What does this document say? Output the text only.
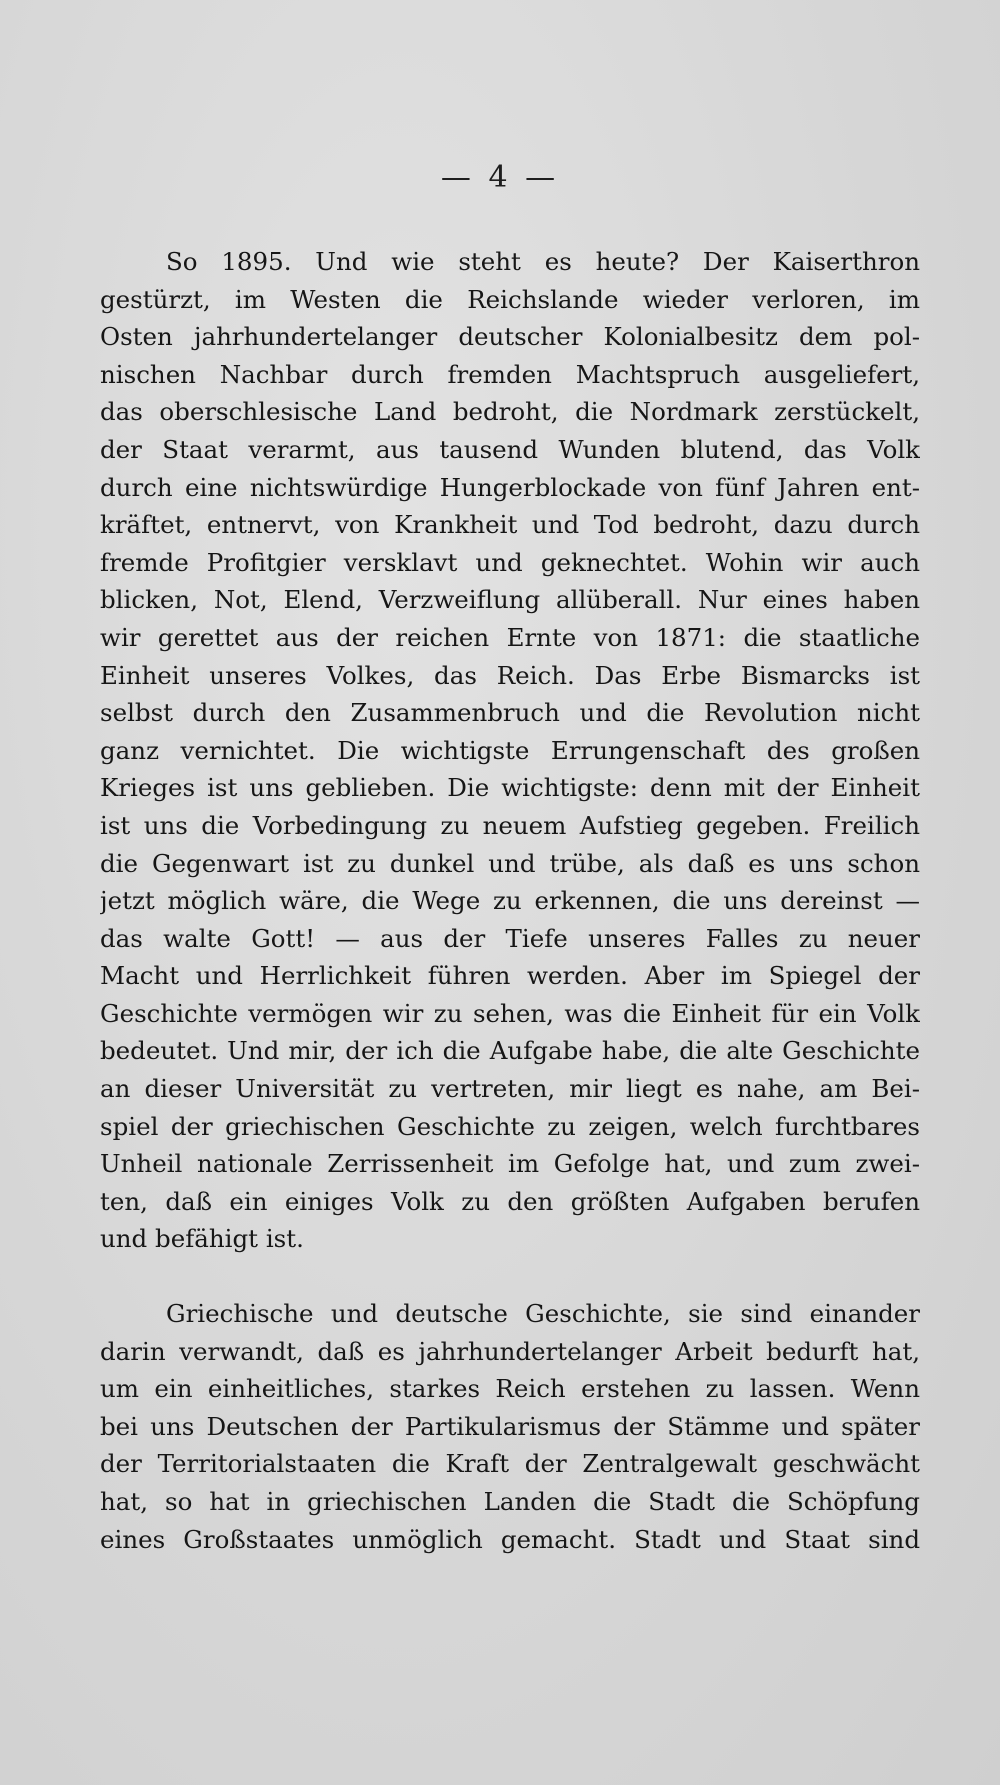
— 4 —
So 1895. Und wie steht es heute? Der Kaiserthron
gestürzt, im Westen die Reichslande wieder verloren, im
Osten jahrhundertelanger deutscher Kolonialbesitz dem pol-
nischen Nachbar durch fremden Machtspruch ausgeliefert,
das oberschlesische Land bedroht, die Nordmark zerstückelt,
der Staat verarmt, aus tausend Wunden blutend, das Volk
durch eine nichtswürdige Hungerblockade von fünf Jahren ent-
kräftet, entnervt, von Krankheit und Tod bedroht, dazu durch
fremde Profitgier versklavt und geknechtet. Wohin wir auch
blicken, Not, Elend, Verzweiflung allüberall. Nur eines haben
wir gerettet aus der reichen Ernte von 1871: die staatliche
Einheit unseres Volkes, das Reich. Das Erbe Bismarcks ist
selbst durch den Zusammenbruch und die Revolution nicht
ganz vernichtet. Die wichtigste Errungenschaft des großen
Krieges ist uns geblieben. Die wichtigste: denn mit der Einheit
ist uns die Vorbedingung zu neuem Aufstieg gegeben. Freilich
die Gegenwart ist zu dunkel und trübe, als daß es uns schon
jetzt möglich wäre, die Wege zu erkennen, die uns dereinst —
das walte Gott! — aus der Tiefe unseres Falles zu neuer
Macht und Herrlichkeit führen werden. Aber im Spiegel der
Geschichte vermögen wir zu sehen, was die Einheit für ein Volk
bedeutet. Und mir, der ich die Aufgabe habe, die alte Geschichte
an dieser Universität zu vertreten, mir liegt es nahe, am Bei-
spiel der griechischen Geschichte zu zeigen, welch furchtbares
Unheil nationale Zerrissenheit im Gefolge hat, und zum zwei-
ten, daß ein einiges Volk zu den größten Aufgaben berufen
und befähigt ist.
Griechische und deutsche Geschichte, sie sind einander
darin verwandt, daß es jahrhundertelanger Arbeit bedurft hat,
um ein einheitliches, starkes Reich erstehen zu lassen. Wenn
bei uns Deutschen der Partikularismus der Stämme und später
der Territorialstaaten die Kraft der Zentralgewalt geschwächt
hat, so hat in griechischen Landen die Stadt die Schöpfung
eines Großstaates unmöglich gemacht. Stadt und Staat sind
